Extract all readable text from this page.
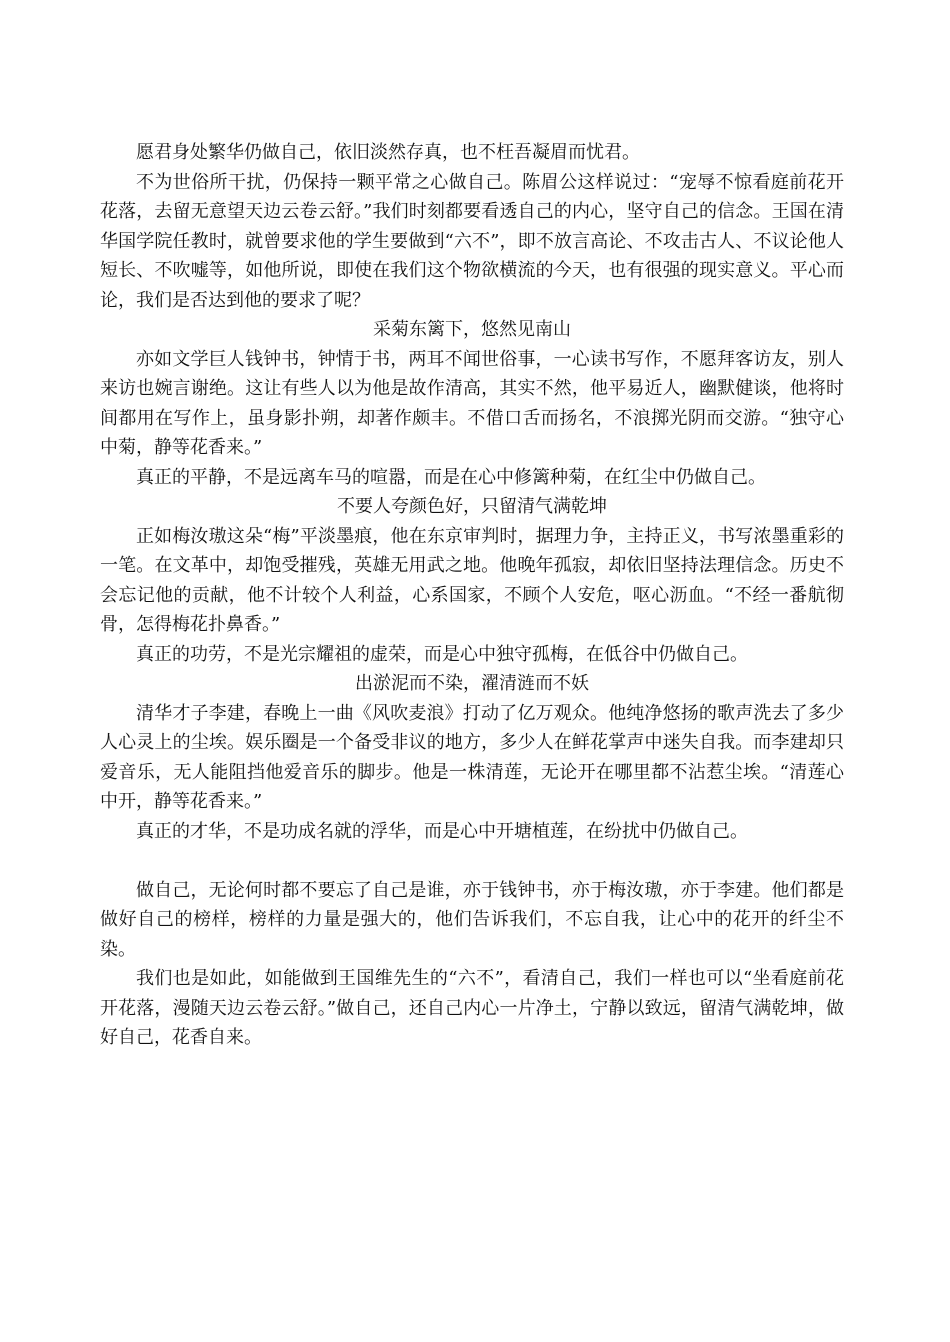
愿君身处繁华仍做自己，依旧淡然存真，也不枉吾凝眉而忧君。

不为世俗所干扰，仍保持一颗平常之心做自己。陈眉公这样说过：“宠辱不惊看庭前花开花落，去留无意望天边云卷云舒。”我们时刻都要看透自己的内心，坚守自己的信念。王国在清华国学院任教时，就曾要求他的学生要做到“六不”，即不放言高论、不攻击古人、不议论他人短长、不吹嘘等，如他所说，即使在我们这个物欲横流的今天，也有很强的现实意义。平心而论，我们是否达到他的要求了呢？

采菊东篱下，悠然见南山

亦如文学巨人钱钟书，钟情于书，两耳不闻世俗事，一心读书写作，不愿拜客访友，别人来访也婉言谢绝。这让有些人以为他是故作清高，其实不然，他平易近人，幽默健谈，他将时间都用在写作上，虽身影扑朔，却著作颇丰。不借口舌而扬名，不浪掷光阴而交游。“独守心中菊，静等花香来。”

真正的平静，不是远离车马的喧嚣，而是在心中修篱种菊，在红尘中仍做自己。

不要人夸颜色好，只留清气满乾坤

正如梅汝璈这朵“梅”平淡墨痕，他在东京审判时，据理力争，主持正义，书写浓墨重彩的一笔。在文革中，却饱受摧残，英雄无用武之地。他晚年孤寂，却依旧坚持法理信念。历史不会忘记他的贡献，他不计较个人利益，心系国家，不顾个人安危，呕心沥血。“不经一番航彻骨，怎得梅花扑鼻香。”

真正的功劳，不是光宗耀祖的虚荣，而是心中独守孤梅，在低谷中仍做自己。

出淤泥而不染，濯清涟而不妖

清华才子李建，春晚上一曲《风吹麦浪》打动了亿万观众。他纯净悠扬的歌声洗去了多少人心灵上的尘埃。娱乐圈是一个备受非议的地方，多少人在鲜花掌声中迷失自我。而李建却只爱音乐，无人能阻挡他爱音乐的脚步。他是一株清莲，无论开在哪里都不沾惹尘埃。“清莲心中开，静等花香来。”

真正的才华，不是功成名就的浮华，而是心中开塘植莲，在纷扰中仍做自己。

做自己，无论何时都不要忘了自己是谁，亦于钱钟书，亦于梅汝璈，亦于李建。他们都是做好自己的榜样，榜样的力量是强大的，他们告诉我们，不忘自我，让心中的花开的纤尘不染。

我们也是如此，如能做到王国维先生的“六不”，看清自己，我们一样也可以“坐看庭前花开花落，漫随天边云卷云舒。”做自己，还自己内心一片净土，宁静以致远，留清气满乾坤，做好自己，花香自来。
